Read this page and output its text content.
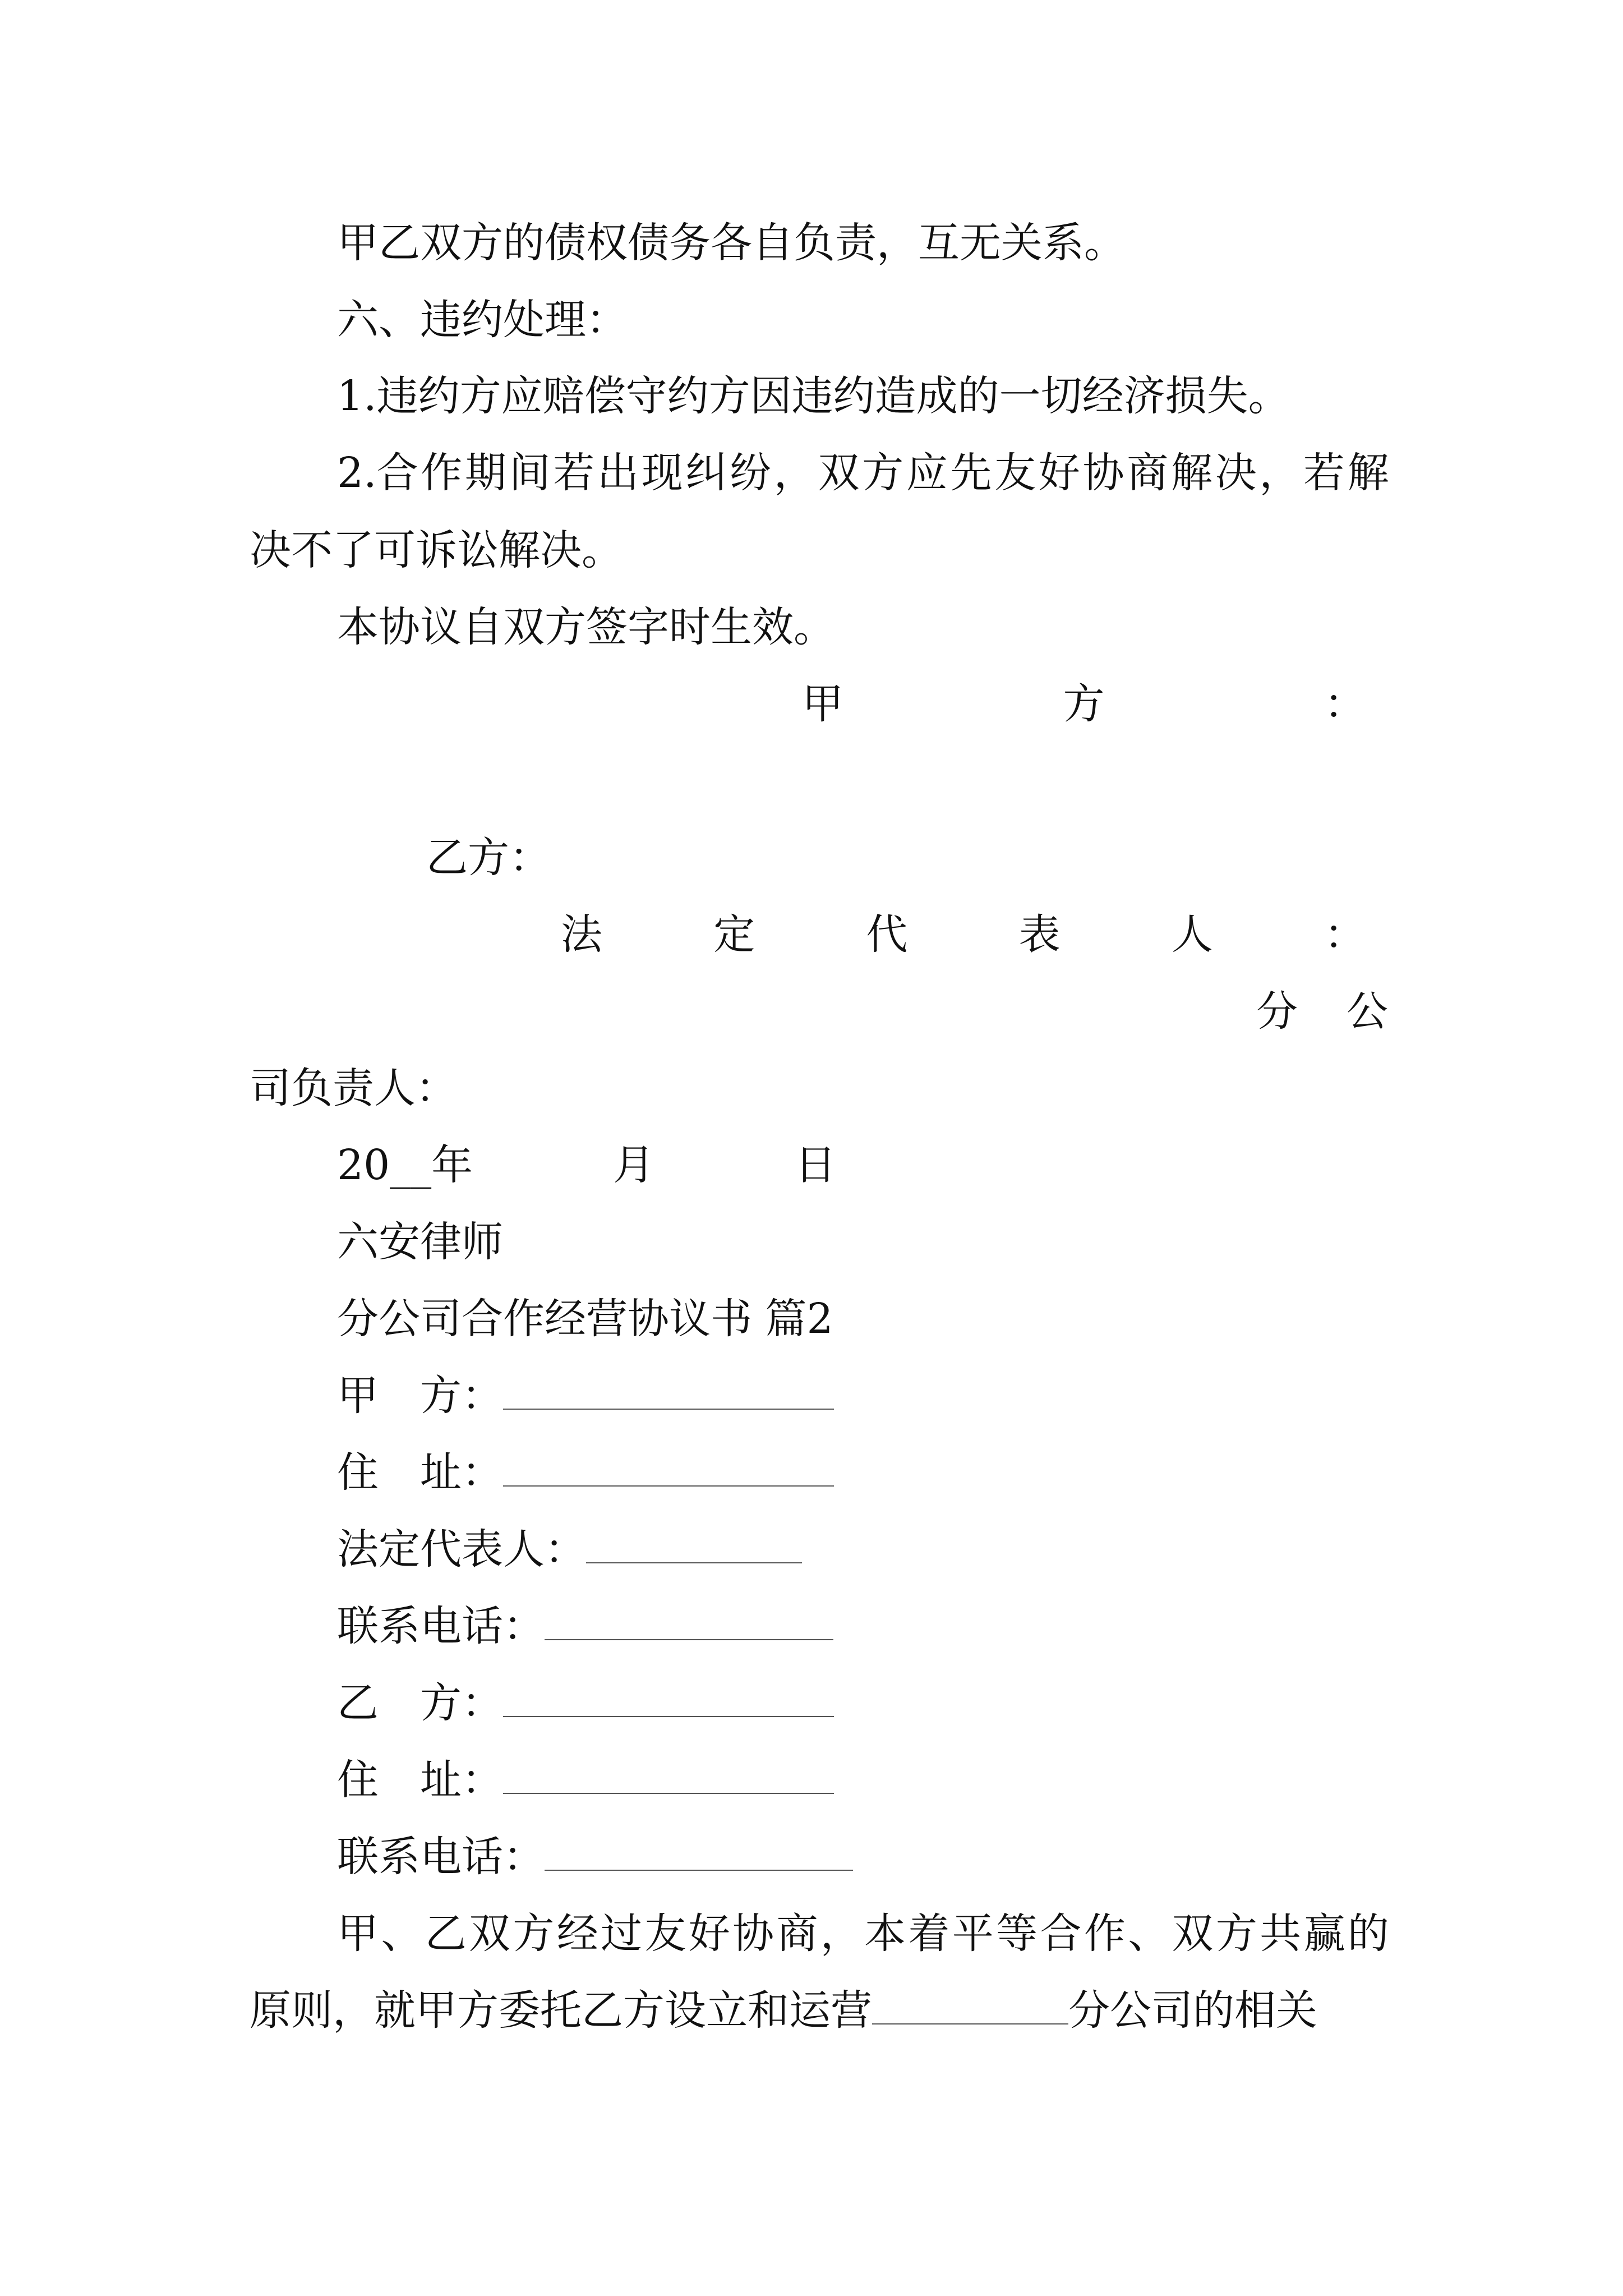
甲乙双方的债权债务各自负责，互无关系。
六、违约处理：
1.违约方应赔偿守约方因违约造成的一切经济损失。
2.合 作 期 间 若 出 现 纠 纷 ， 双 方 应 先 友 好 协 商 解 决 ， 若 解
决不了可诉讼解决。
本协议自双方签字时生效。
甲	方	：
乙方：
法	定	代	表	人	：
分 公
司负责人：
20__年	月	日
六安律师
分公司合作经营协议书 篇2
甲 方 ：
住 址 ：
法定代表人：
联系电话：
乙 方 ：
住 址 ：
联系电话：
甲 、 乙 双 方 经 过 友 好 协 商 ， 本 着 平 等 合 作 、 双 方 共 赢 的
原则，就甲方委托乙方设立和运营	分公司的相关
